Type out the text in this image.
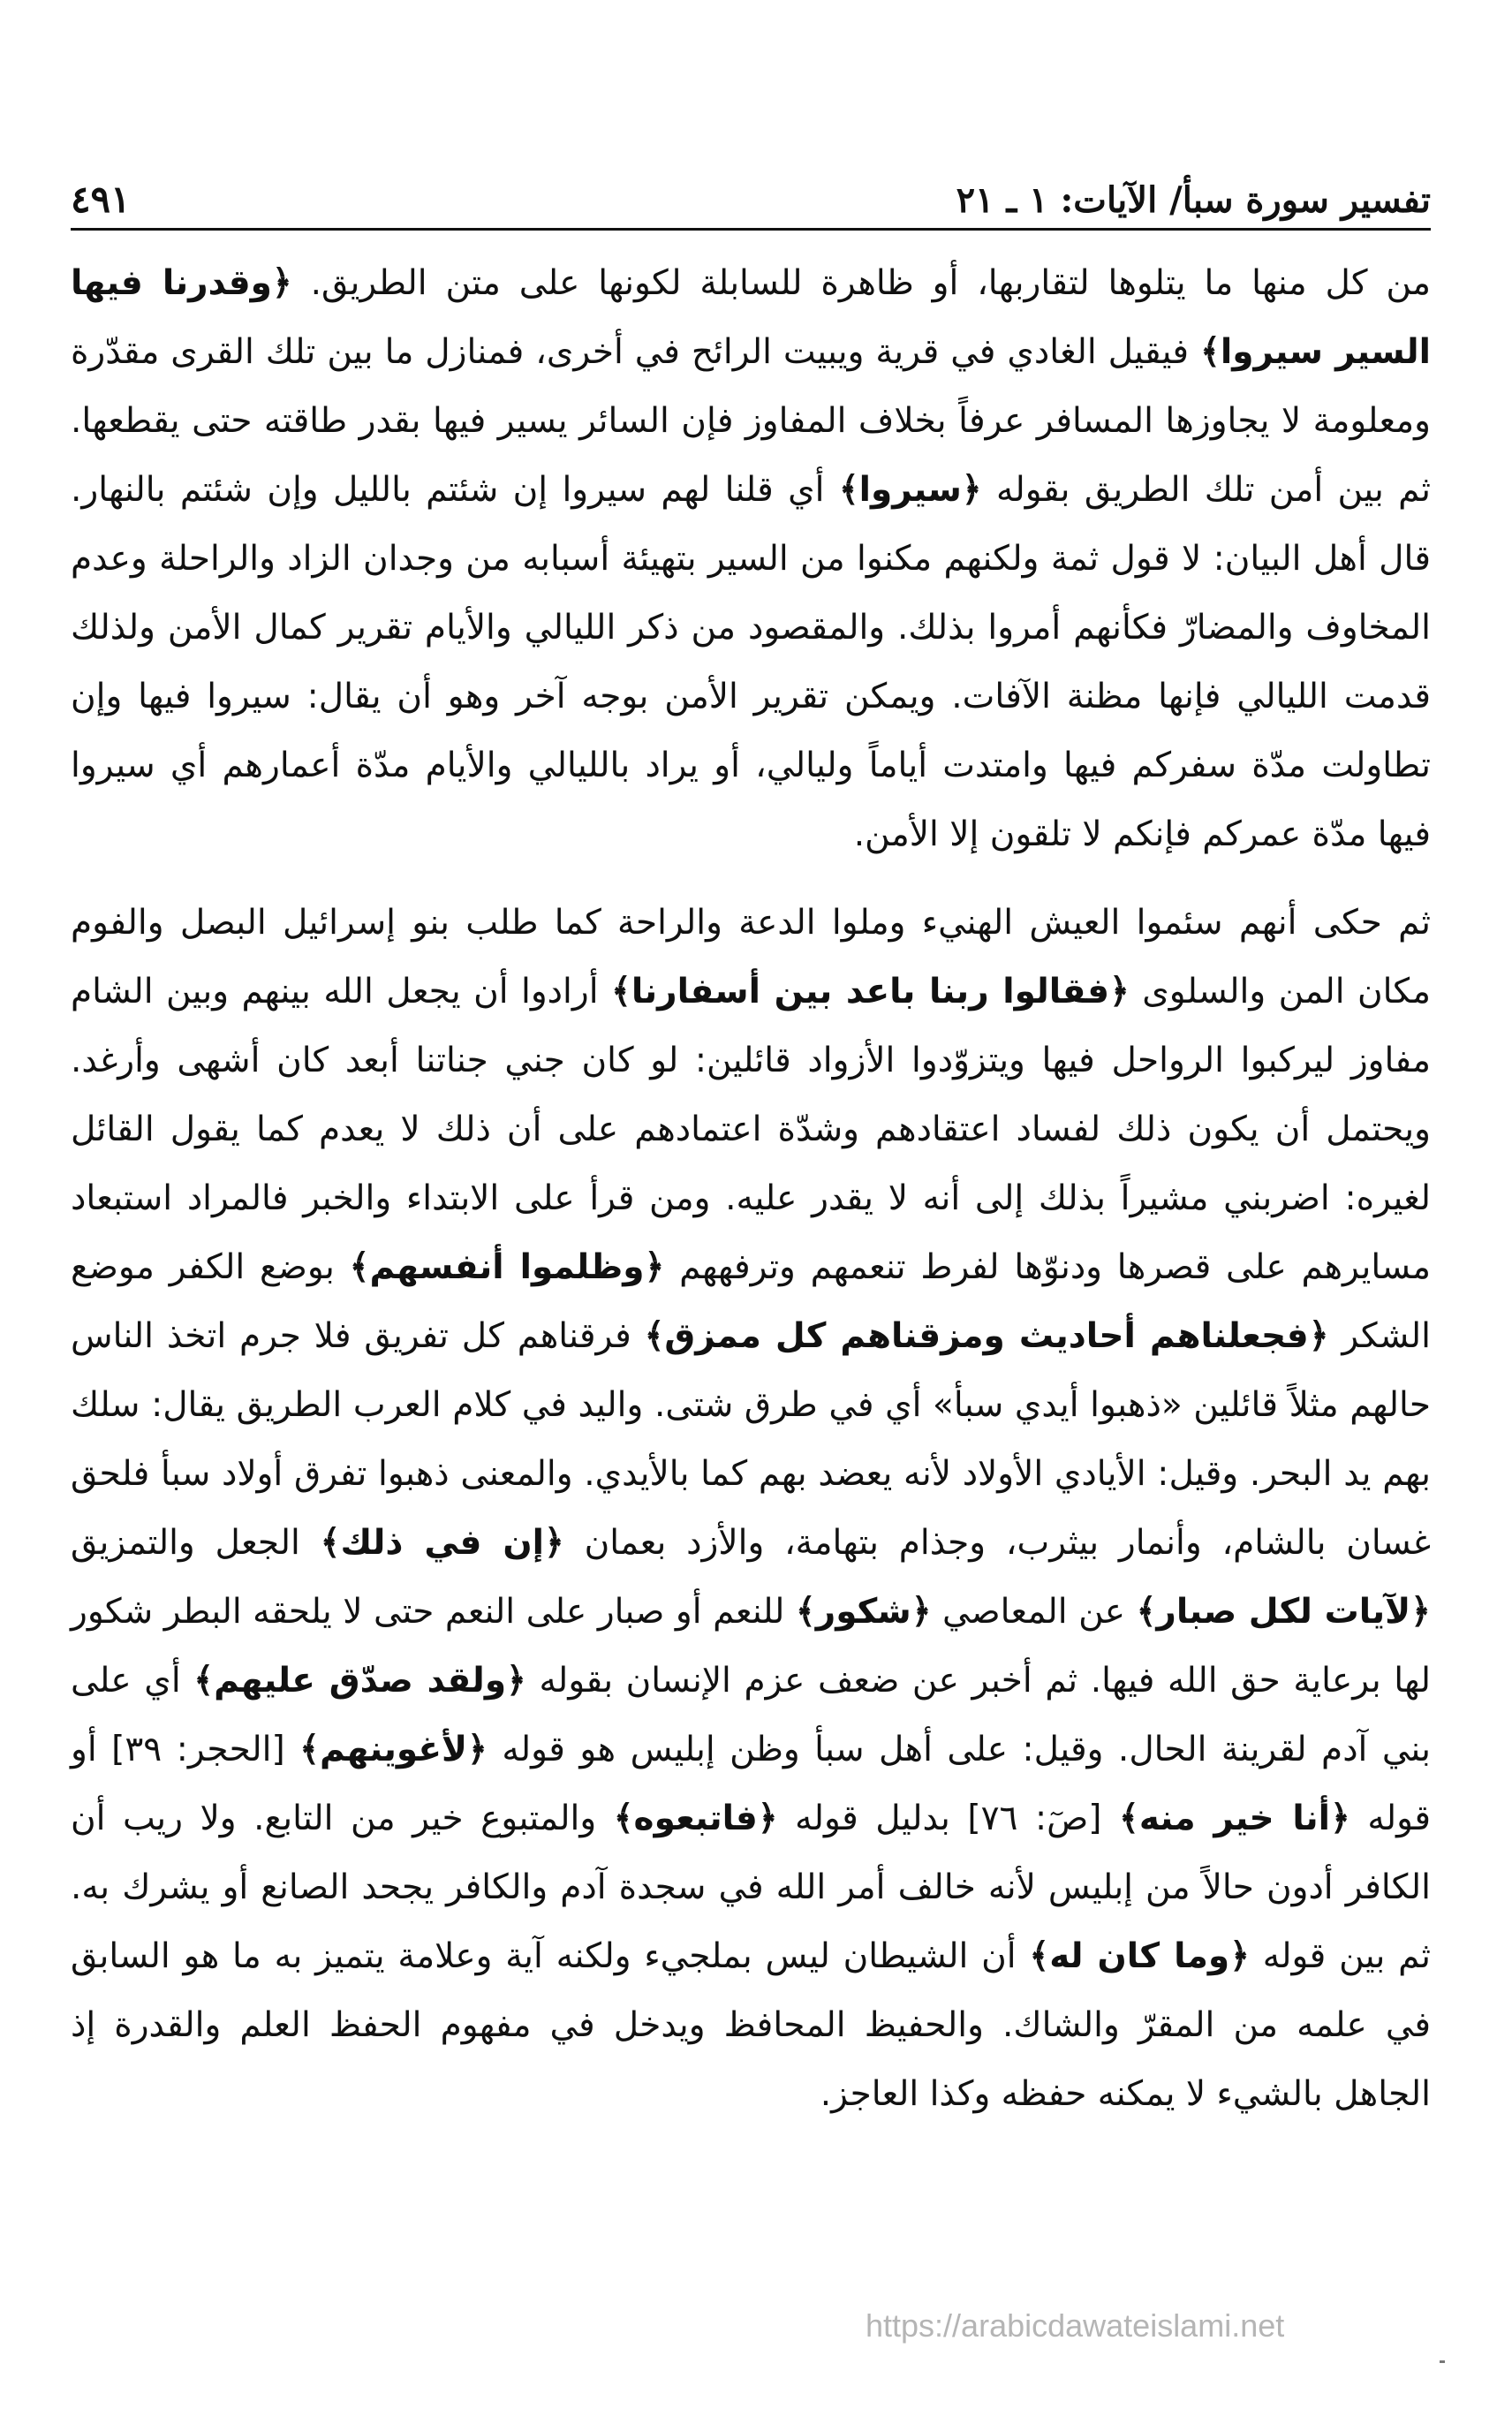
تفسير سورة سبأ/ الآيات: ١ ـ ٢١
٤٩١

من كل منها ما يتلوها لتقاربها، أو ظاهرة للسابلة لكونها على متن الطريق. ﴿وقدرنا فيها السير سيروا﴾ فيقيل الغادي في قرية ويبيت الرائح في أخرى، فمنازل ما بين تلك القرى مقدّرة ومعلومة لا يجاوزها المسافر عرفاً بخلاف المفاوز فإن السائر يسير فيها بقدر طاقته حتى يقطعها. ثم بين أمن تلك الطريق بقوله ﴿سيروا﴾ أي قلنا لهم سيروا إن شئتم بالليل وإن شئتم بالنهار. قال أهل البيان: لا قول ثمة ولكنهم مكنوا من السير بتهيئة أسبابه من وجدان الزاد والراحلة وعدم المخاوف والمضارّ فكأنهم أمروا بذلك. والمقصود من ذكر الليالي والأيام تقرير كمال الأمن ولذلك قدمت الليالي فإنها مظنة الآفات. ويمكن تقرير الأمن بوجه آخر وهو أن يقال: سيروا فيها وإن تطاولت مدّة سفركم فيها وامتدت أياماً وليالي، أو يراد بالليالي والأيام مدّة أعمارهم أي سيروا فيها مدّة عمركم فإنكم لا تلقون إلا الأمن.

ثم حكى أنهم سئموا العيش الهنيء وملوا الدعة والراحة كما طلب بنو إسرائيل البصل والفوم مكان المن والسلوى ﴿فقالوا ربنا باعد بين أسفارنا﴾ أرادوا أن يجعل الله بينهم وبين الشام مفاوز ليركبوا الرواحل فيها ويتزوّدوا الأزواد قائلين: لو كان جني جناتنا أبعد كان أشهى وأرغد. ويحتمل أن يكون ذلك لفساد اعتقادهم وشدّة اعتمادهم على أن ذلك لا يعدم كما يقول القائل لغيره: اضربني مشيراً بذلك إلى أنه لا يقدر عليه. ومن قرأ على الابتداء والخبر فالمراد استبعاد مسايرهم على قصرها ودنوّها لفرط تنعمهم وترفههم ﴿وظلموا أنفسهم﴾ بوضع الكفر موضع الشكر ﴿فجعلناهم أحاديث ومزقناهم كل ممزق﴾ فرقناهم كل تفريق فلا جرم اتخذ الناس حالهم مثلاً قائلين «ذهبوا أيدي سبأ» أي في طرق شتى. واليد في كلام العرب الطريق يقال: سلك بهم يد البحر. وقيل: الأيادي الأولاد لأنه يعضد بهم كما بالأيدي. والمعنى ذهبوا تفرق أولاد سبأ فلحق غسان بالشام، وأنمار بيثرب، وجذام بتهامة، والأزد بعمان ﴿إن في ذلك﴾ الجعل والتمزيق ﴿لآيات لكل صبار﴾ عن المعاصي ﴿شكور﴾ للنعم أو صبار على النعم حتى لا يلحقه البطر شكور لها برعاية حق الله فيها. ثم أخبر عن ضعف عزم الإنسان بقوله ﴿ولقد صدّق عليهم﴾ أي على بني آدم لقرينة الحال. وقيل: على أهل سبأ وظن إبليس هو قوله ﴿لأغوينهم﴾ [الحجر: ٣٩] أو قوله ﴿أنا خير منه﴾ [صٓ: ٧٦] بدليل قوله ﴿فاتبعوه﴾ والمتبوع خير من التابع. ولا ريب أن الكافر أدون حالاً من إبليس لأنه خالف أمر الله في سجدة آدم والكافر يجحد الصانع أو يشرك به. ثم بين قوله ﴿وما كان له﴾ أن الشيطان ليس بملجيء ولكنه آية وعلامة يتميز به ما هو السابق في علمه من المقرّ والشاك. والحفيظ المحافظ ويدخل في مفهوم الحفظ العلم والقدرة إذ الجاهل بالشيء لا يمكنه حفظه وكذا العاجز.

https://arabicdawateislami.net
